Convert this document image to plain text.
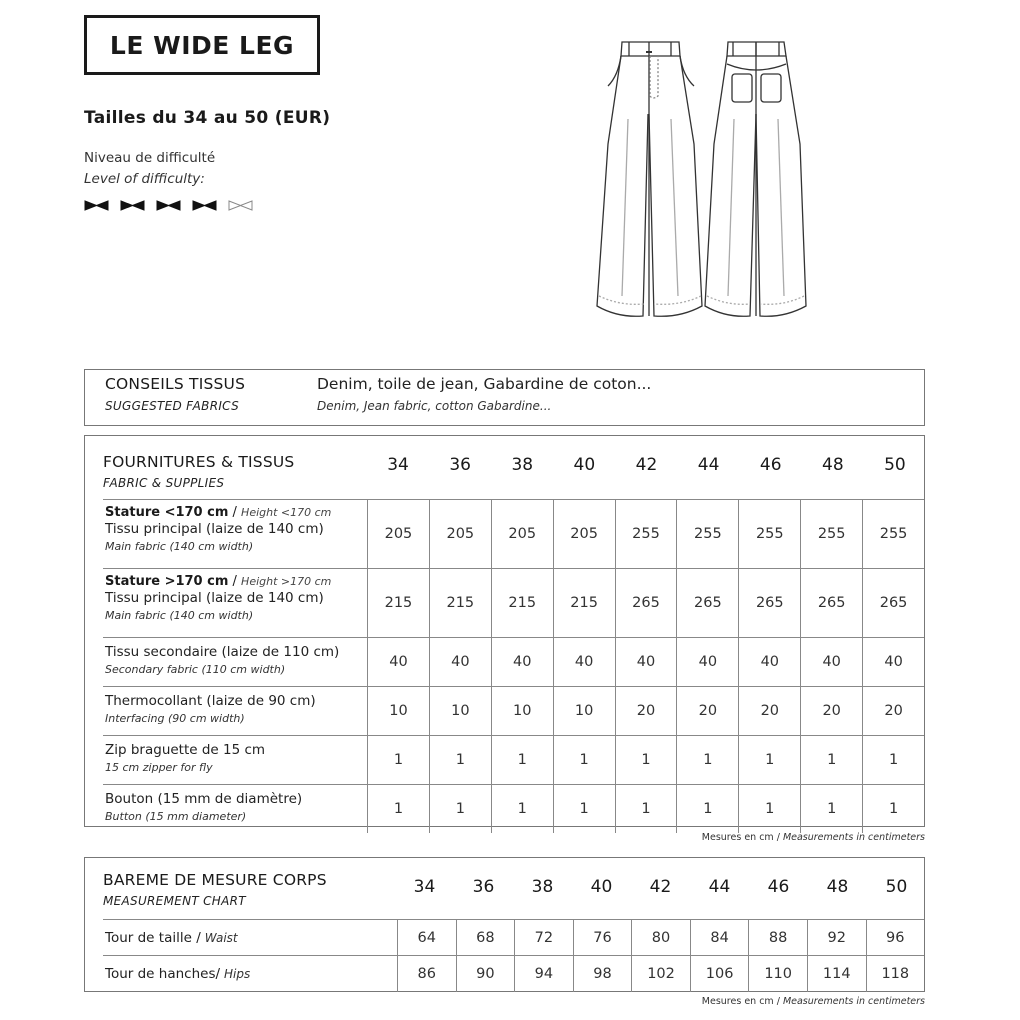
LE WIDE LEG
Tailles du 34 au 50 (EUR)
Niveau de difficulté
Level of difficulty:
CONSEILS TISSUS
SUGGESTED FABRICS
Denim, toile de jean, Gabardine de coton...
Denim, Jean fabric, cotton Gabardine...
FOURNITURES & TISSUS
FABRIC & SUPPLIES
34	36	38	40	42	44	46	48	50
Stature <170 cm / Height <170 cm
Tissu principal (laize de 140 cm)
Main fabric (140 cm width)
205	205	205	205	255	255	255	255	255
Stature >170 cm / Height >170 cm
Tissu principal (laize de 140 cm)
Main fabric (140 cm width)
215	215	215	215	265	265	265	265	265
Tissu secondaire (laize de 110 cm)
Secondary fabric (110 cm width)	40	40	40	40	40	40	40	40	40
Thermocollant (laize de 90 cm)
Interfacing (90 cm width)	10	10	10	10	20	20	20	20	20
Zip braguette de 15 cm
15 cm zipper for fly	1	1	1	1	1	1	1	1	1
Bouton (15 mm de diamètre)
Button (15 mm diameter)	1	1	1	1	1	1	1	1	1
Mesures en cm / Measurements in centimeters
BAREME DE MESURE CORPS
MEASUREMENT CHART
34	36	38	40	42	44	46	48	50
Tour de taille / Waist	64	68	72	76	80	84	88	92	96
Tour de hanches/ Hips	86	90	94	98	102	106	110	114	118
Mesures en cm / Measurements in centimeters
